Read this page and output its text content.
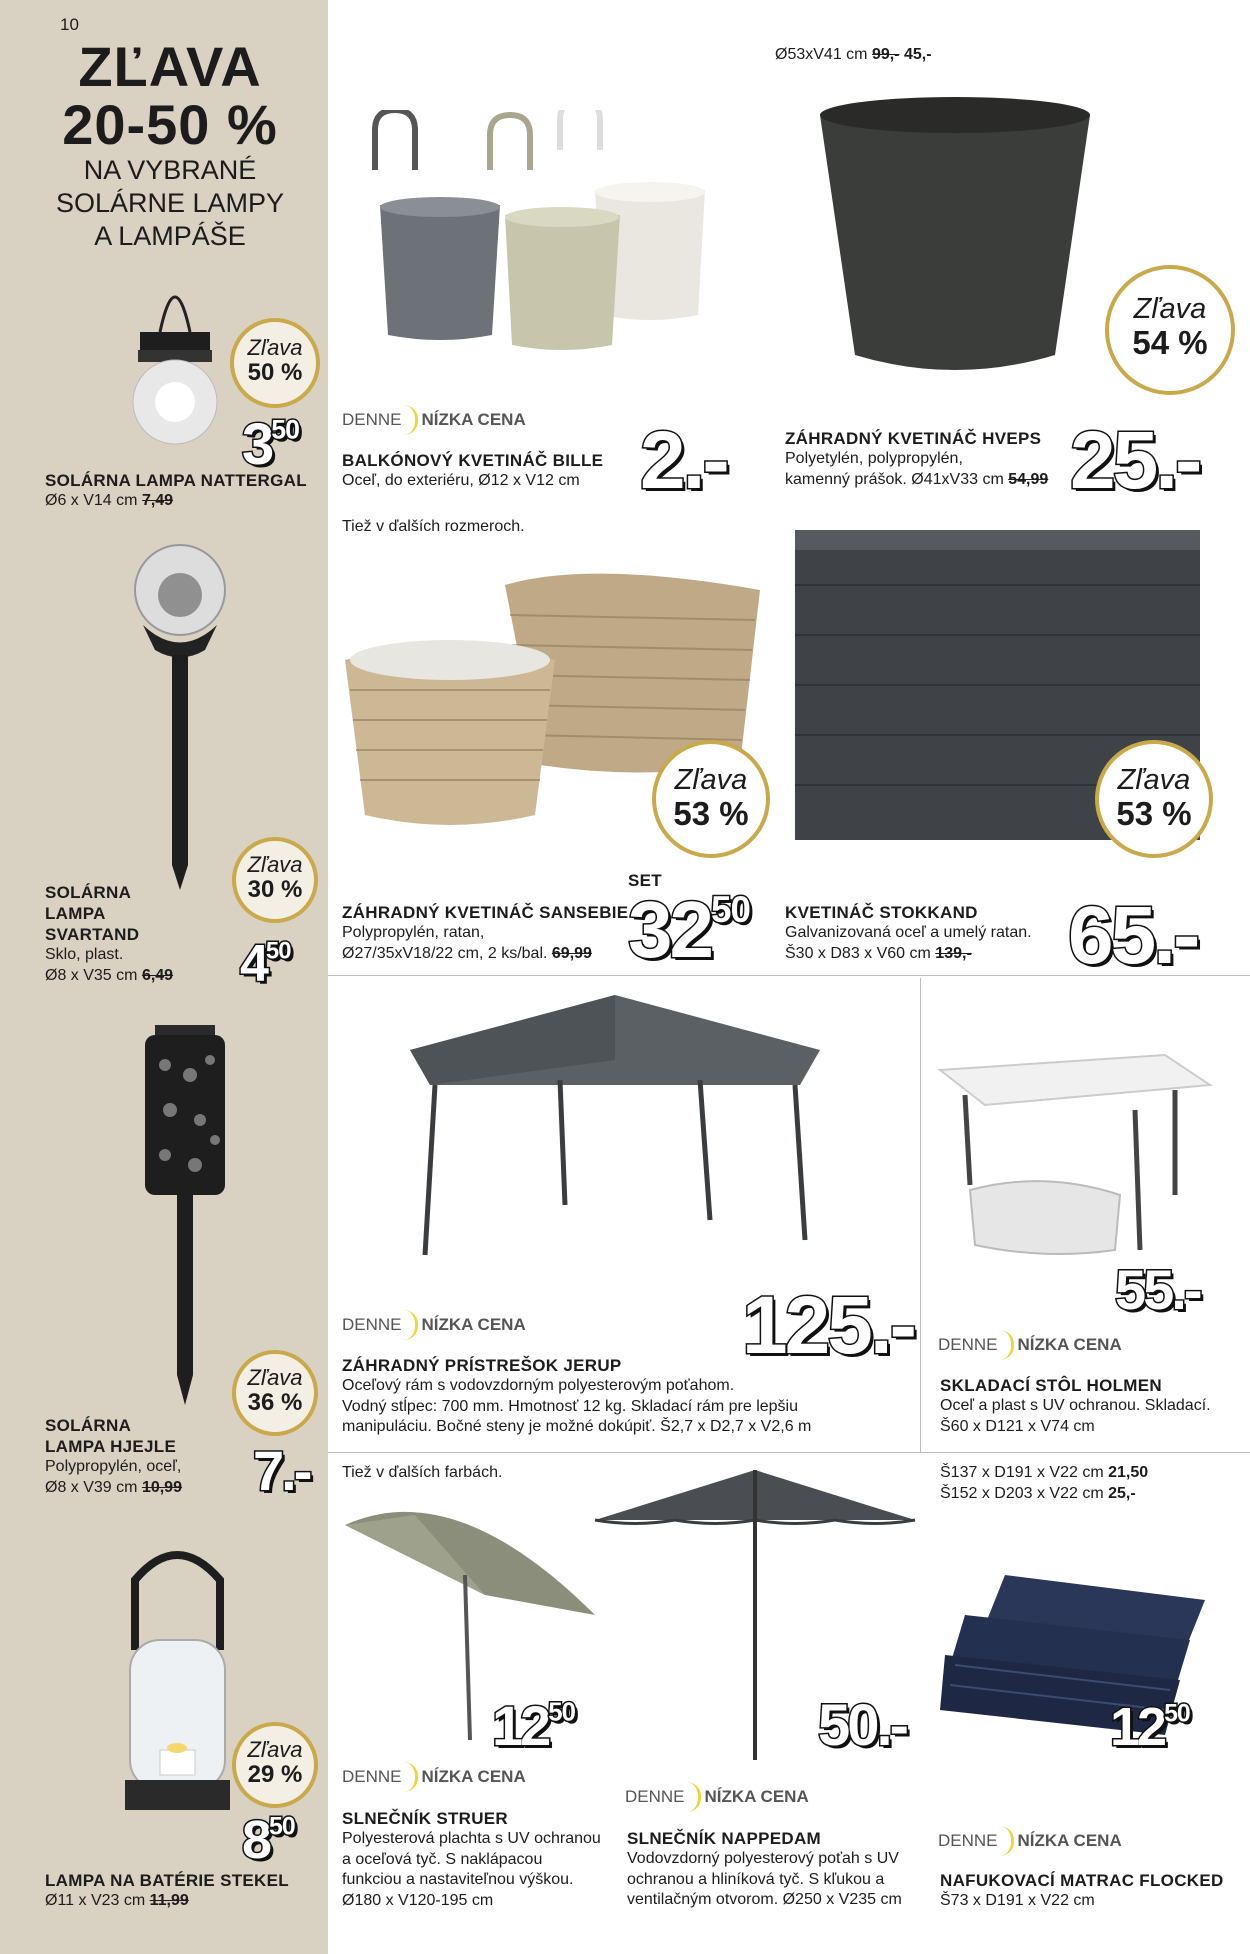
10
ZĽAVA
20-50 %
NA VYBRANÉ
SOLÁRNE LAMPY
A LAMPÁŠE
Zľava
50 %
$3^{50}$
SOLÁRNA LAMPA NATTERGAL
Ø6 x V14 cm 7,49
Zľava
30 %
$4^{50}$
SOLÁRNA
LAMPA
SVARTAND
Sklo, plast.
Ø8 x V35 cm 6,49
Zľava
36 %
7.-
SOLÁRNA
LAMPA HJEJLE
Polypropylén, oceľ,
Ø8 x V39 cm 10,99
Zľava
29 %
$8^{50}$
LAMPA NA BATÉRIE STEKEL
Ø11 x V23 cm 11,99
DENNE NÍZKA CENA
BALKÓNOVÝ KVETINÁČ BILLE
Oceľ, do exteriéru, Ø12 x V12 cm 2.-
Ø53xV41 cm 99,- 45,-
Zľava
54 %
ZÁHRADNÝ KVETINÁČ HVEPS
Polyetylén, polypropylén,
kamenný prášok. Ø41xV33 cm 54,99 25.-
Tiež v ďalších rozmeroch.
Zľava
53 %
SET
ZÁHRADNÝ KVETINÁČ SANSEBIE
Polypropylén, ratan,
Ø27/35xV18/22 cm, 2 ks/bal. 69,99 $32^{50}$
Zľava
53 %
KVETINÁČ STOKKAND
Galvanizovaná oceľ a umelý ratan.
Š30 x D83 x V60 cm 139,-	65.-
DENNE NÍZKA CENA	125.-
ZÁHRADNÝ PRÍSTREŠOK JERUP
Oceľový rám s vodovzdorným polyesterovým poťahom.
Vodný stĺpec: 700 mm. Hmotnosť 12 kg. Skladací rám pre lepšiu
manipuláciu. Bočné steny je možné dokúpiť. Š2,7 x D2,7 x V2,6 m
55.-
DENNE NÍZKA CENA
SKLADACÍ STÔL HOLMEN
Oceľ a plast s UV ochranou. Skladací.
Š60 x D121 x V74 cm
Tiež v ďalších farbách.
$12^{50}$
DENNE NÍZKA CENA
SLNEČNÍK STRUER
Polyesterová plachta s UV ochranou
a oceľová tyč. S naklápacou
funkciou a nastaviteľnou výškou.
Ø180 x V120-195 cm
50.-
DENNE NÍZKA CENA
SLNEČNÍK NAPPEDAM
Vodovzdorný polyesterový poťah s UV
ochranou a hliníková tyč. S kľukou a
ventilačným otvorom. Ø250 x V235 cm
Š137 x D191 x V22 cm 21,50
Š152 x D203 x V22 cm 25,-
$12^{50}$
DENNE NÍZKA CENA
NAFUKOVACÍ MATRAC FLOCKED
Š73 x D191 x V22 cm
